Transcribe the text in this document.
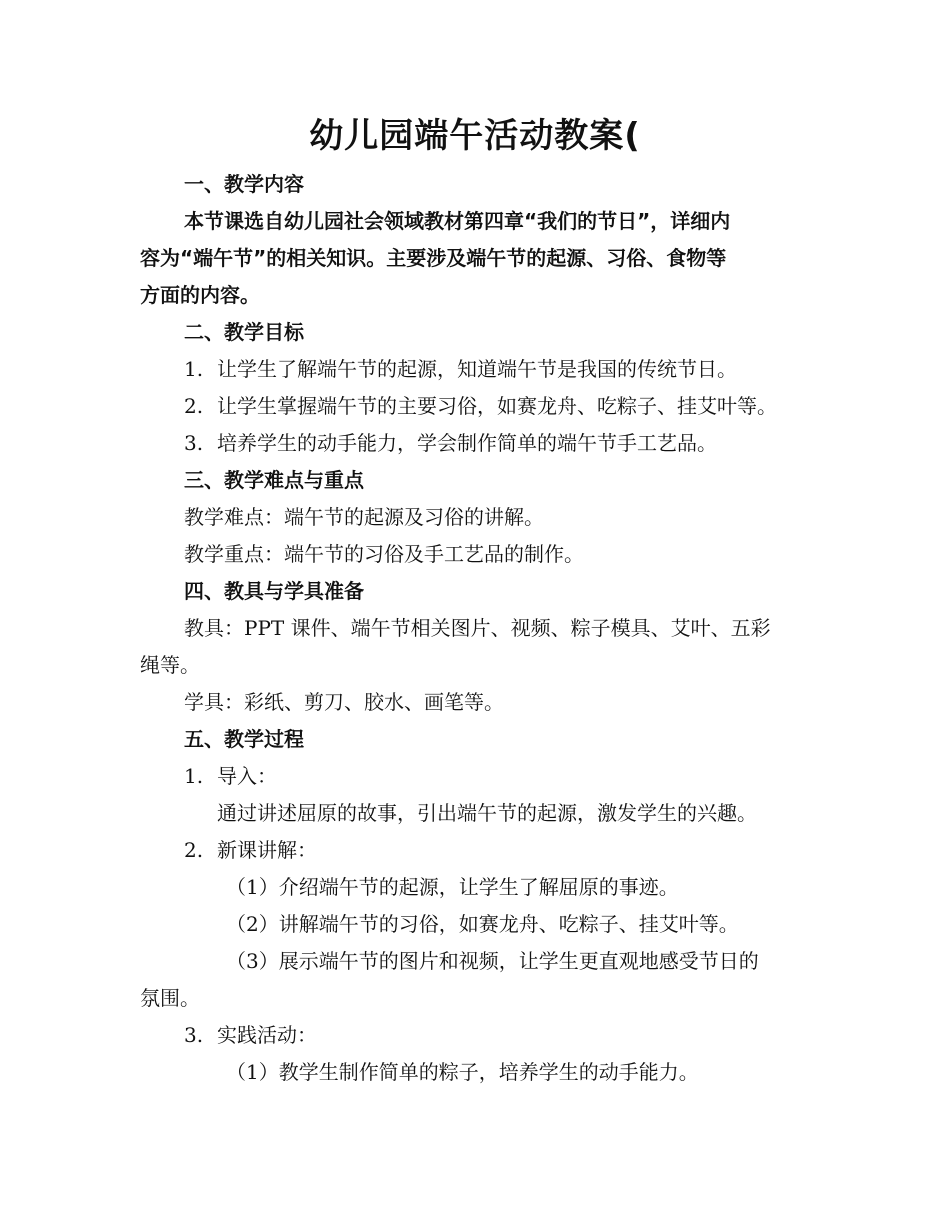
幼儿园端午活动教案(
一、教学内容
本节课选自幼儿园社会领域教材第四章“我们的节日”，详细内
容为“端午节”的相关知识。主要涉及端午节的起源、习俗、食物等
方面的内容。
二、教学目标
1. 让学生了解端午节的起源，知道端午节是我国的传统节日。
2. 让学生掌握端午节的主要习俗，如赛龙舟、吃粽子、挂艾叶等。
3. 培养学生的动手能力，学会制作简单的端午节手工艺品。
三、教学难点与重点
教学难点：端午节的起源及习俗的讲解。
教学重点：端午节的习俗及手工艺品的制作。
四、教具与学具准备
教具：PPT 课件、端午节相关图片、视频、粽子模具、艾叶、五彩
绳等。
学具：彩纸、剪刀、胶水、画笔等。
五、教学过程
1. 导入：
通过讲述屈原的故事，引出端午节的起源，激发学生的兴趣。
2. 新课讲解：
（1）介绍端午节的起源，让学生了解屈原的事迹。
（2）讲解端午节的习俗，如赛龙舟、吃粽子、挂艾叶等。
（3）展示端午节的图片和视频，让学生更直观地感受节日的
氛围。
3. 实践活动：
（1）教学生制作简单的粽子，培养学生的动手能力。
